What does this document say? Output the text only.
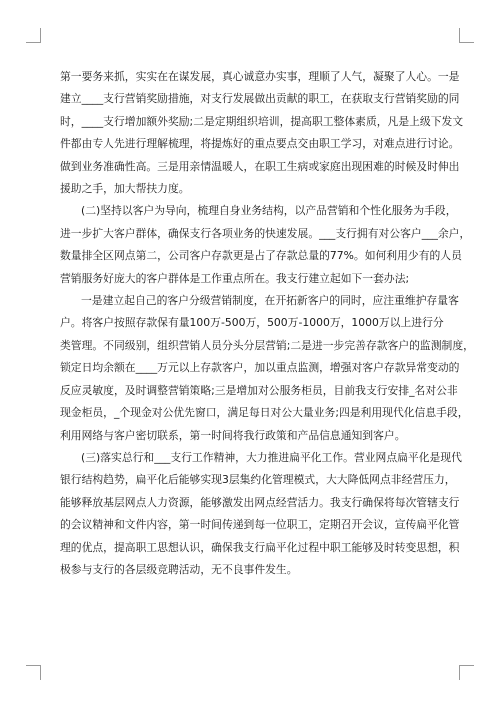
第一要务来抓，实实在在谋发展，真心诚意办实事，理顺了人气，凝聚了人心。一是
建立____支行营销奖励措施，对支行发展做出贡献的职工，在获取支行营销奖励的同
时，____支行增加额外奖励;二是定期组织培训，提高职工整体素质，凡是上级下发文
件都由专人先进行理解梳理，将提炼好的重点要点交由职工学习，对难点进行讨论。
做到业务准确性高。三是用亲情温暖人，在职工生病或家庭出现困难的时候及时伸出
援助之手，加大帮扶力度。

(二)坚持以客户为导向，梳理自身业务结构，以产品营销和个性化服务为手段，
进一步扩大客户群体，确保支行各项业务的快速发展。___支行拥有对公客户___余户，
数量排全区网点第二，公司客户存款更是占了存款总量的77%。如何利用少有的人员
营销服务好庞大的客户群体是工作重点所在。我支行建立起如下一套办法;

一是建立起自己的客户分级营销制度，在开拓新客户的同时，应注重维护存量客
户。将客户按照存款保有量100万-500万，500万-1000万，1000万以上进行分
类管理。不同级别，组织营销人员分头分层营销;二是进一步完善存款客户的监测制度，
锁定日均余额在____万元以上存款客户，加以重点监测，增强对客户存款异常变动的
反应灵敏度，及时调整营销策略;三是增加对公服务柜员，目前我支行安排_名对公非
现金柜员，_个现金对公优先窗口，满足每日对公大量业务;四是利用现代化信息手段，
利用网络与客户密切联系，第一时间将我行政策和产品信息通知到客户。

(三)落实总行和___支行工作精神，大力推进扁平化工作。营业网点扁平化是现代
银行结构趋势，扁平化后能够实现3层集约化管理模式，大大降低网点非经营压力，
能够释放基层网点人力资源，能够激发出网点经营活力。我支行确保将每次管辖支行
的会议精神和文件内容，第一时间传递到每一位职工，定期召开会议，宣传扁平化管
理的优点，提高职工思想认识，确保我支行扁平化过程中职工能够及时转变思想，积
极参与支行的各层级竞聘活动，无不良事件发生。
